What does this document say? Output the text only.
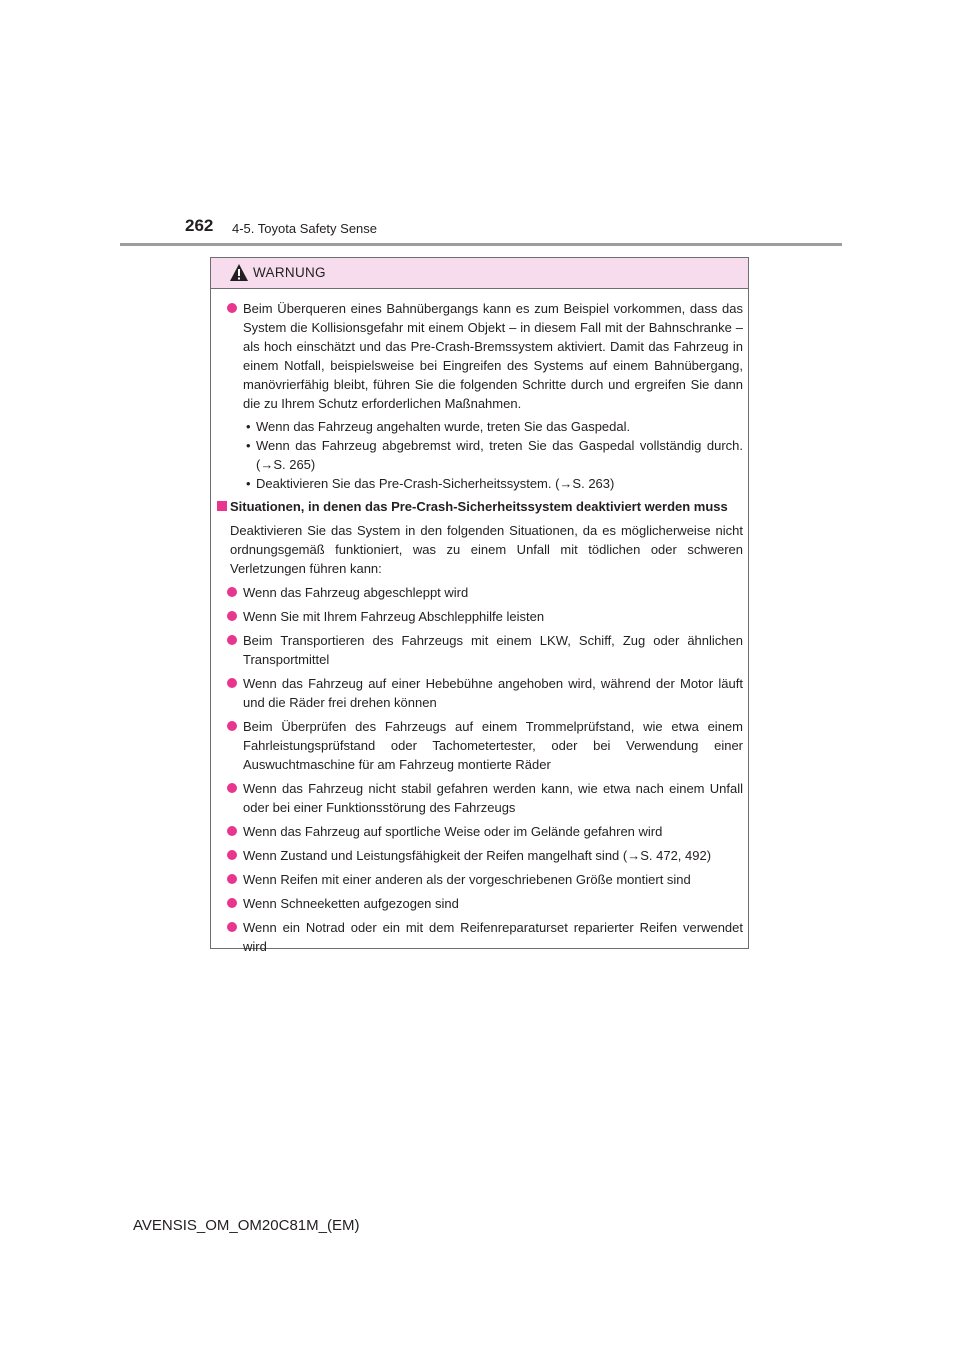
262 4-5. Toyota Safety Sense
WARNUNG
Beim Überqueren eines Bahnübergangs kann es zum Beispiel vorkommen, dass das System die Kollisionsgefahr mit einem Objekt – in diesem Fall mit der Bahnschranke – als hoch einschätzt und das Pre-Crash-Bremssystem aktiviert. Damit das Fahrzeug in einem Notfall, beispielsweise bei Eingreifen des Systems auf einem Bahnübergang, manövrierfähig bleibt, führen Sie die folgenden Schritte durch und ergreifen Sie dann die zu Ihrem Schutz erforderlichen Maßnahmen.
• Wenn das Fahrzeug angehalten wurde, treten Sie das Gaspedal.
• Wenn das Fahrzeug abgebremst wird, treten Sie das Gaspedal vollständig durch. (→S. 265)
• Deaktivieren Sie das Pre-Crash-Sicherheitssystem. (→S. 263)
Situationen, in denen das Pre-Crash-Sicherheitssystem deaktiviert werden muss
Deaktivieren Sie das System in den folgenden Situationen, da es möglicherweise nicht ordnungsgemäß funktioniert, was zu einem Unfall mit tödlichen oder schweren Verletzungen führen kann:
Wenn das Fahrzeug abgeschleppt wird
Wenn Sie mit Ihrem Fahrzeug Abschlepphilfe leisten
Beim Transportieren des Fahrzeugs mit einem LKW, Schiff, Zug oder ähnlichen Transportmittel
Wenn das Fahrzeug auf einer Hebebühne angehoben wird, während der Motor läuft und die Räder frei drehen können
Beim Überprüfen des Fahrzeugs auf einem Trommelprüfstand, wie etwa einem Fahrleistungsprüfstand oder Tachometertester, oder bei Verwendung einer Auswuchtmaschine für am Fahrzeug montierte Räder
Wenn das Fahrzeug nicht stabil gefahren werden kann, wie etwa nach einem Unfall oder bei einer Funktionsstörung des Fahrzeugs
Wenn das Fahrzeug auf sportliche Weise oder im Gelände gefahren wird
Wenn Zustand und Leistungsfähigkeit der Reifen mangelhaft sind (→S. 472, 492)
Wenn Reifen mit einer anderen als der vorgeschriebenen Größe montiert sind
Wenn Schneeketten aufgezogen sind
Wenn ein Notrad oder ein mit dem Reifenreparaturset reparierter Reifen verwendet wird
AVENSIS_OM_OM20C81M_(EM)
